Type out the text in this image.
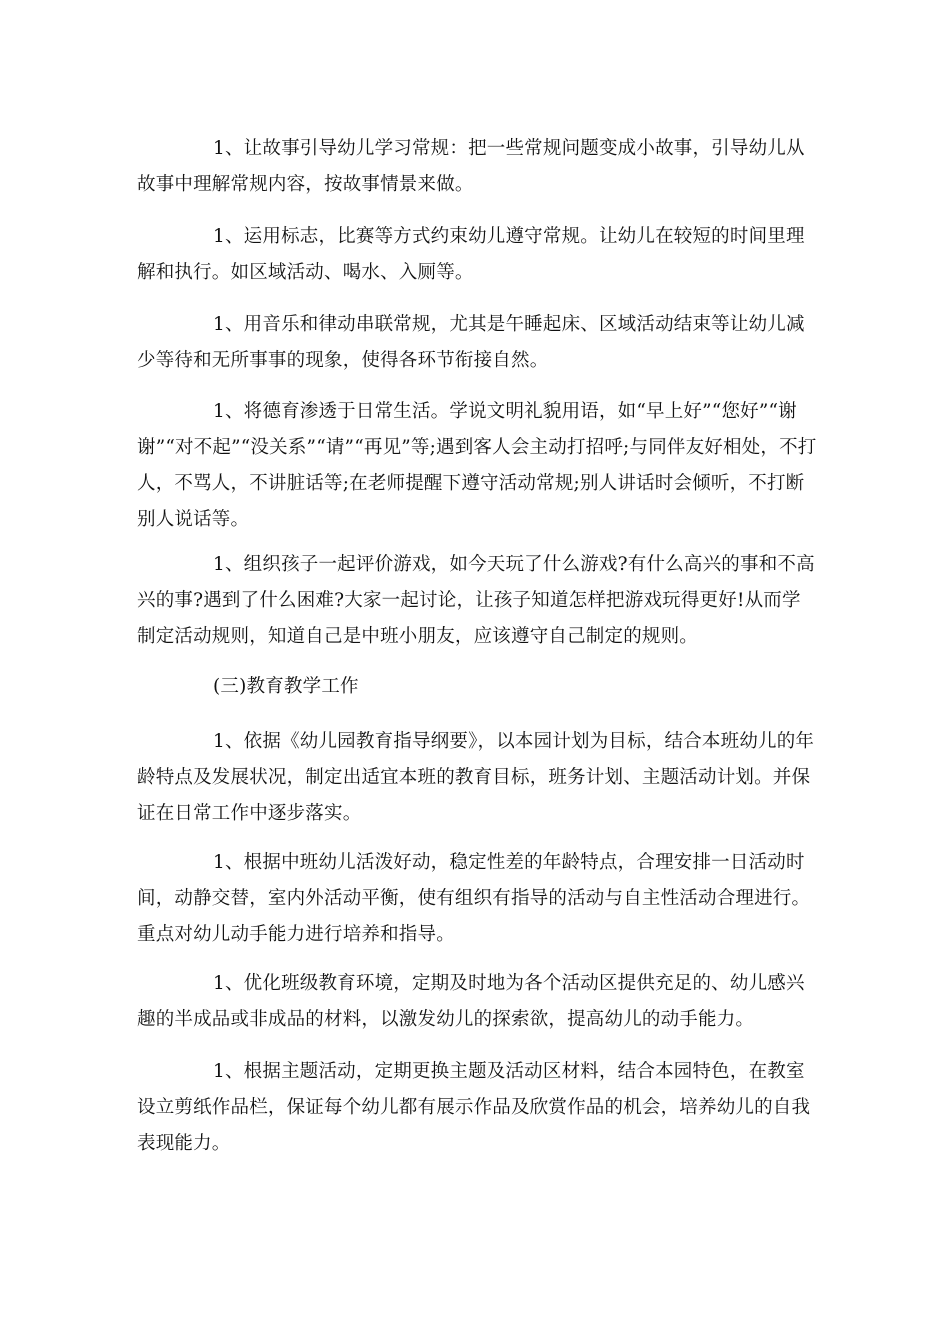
1、让故事引导幼儿学习常规：把一些常规问题变成小故事，引导幼儿从故事中理解常规内容，按故事情景来做。

1、运用标志，比赛等方式约束幼儿遵守常规。让幼儿在较短的时间里理解和执行。如区域活动、喝水、入厕等。

1、用音乐和律动串联常规，尤其是午睡起床、区域活动结束等让幼儿减少等待和无所事事的现象，使得各环节衔接自然。

1、将德育渗透于日常生活。学说文明礼貌用语，如“早上好”“您好”“谢谢”“对不起”“没关系”“请”“再见”等;遇到客人会主动打招呼;与同伴友好相处，不打人，不骂人，不讲脏话等;在老师提醒下遵守活动常规;别人讲话时会倾听，不打断别人说话等。

1、组织孩子一起评价游戏，如今天玩了什么游戏?有什么高兴的事和不高兴的事?遇到了什么困难?大家一起讨论，让孩子知道怎样把游戏玩得更好!从而学制定活动规则，知道自己是中班小朋友，应该遵守自己制定的规则。

(三)教育教学工作

1、依据《幼儿园教育指导纲要》，以本园计划为目标，结合本班幼儿的年龄特点及发展状况，制定出适宜本班的教育目标，班务计划、主题活动计划。并保证在日常工作中逐步落实。

1、根据中班幼儿活泼好动，稳定性差的年龄特点，合理安排一日活动时间，动静交替，室内外活动平衡，使有组织有指导的活动与自主性活动合理进行。重点对幼儿动手能力进行培养和指导。

1、优化班级教育环境，定期及时地为各个活动区提供充足的、幼儿感兴趣的半成品或非成品的材料，以激发幼儿的探索欲，提高幼儿的动手能力。

1、根据主题活动，定期更换主题及活动区材料，结合本园特色，在教室设立剪纸作品栏，保证每个幼儿都有展示作品及欣赏作品的机会，培养幼儿的自我表现能力。
